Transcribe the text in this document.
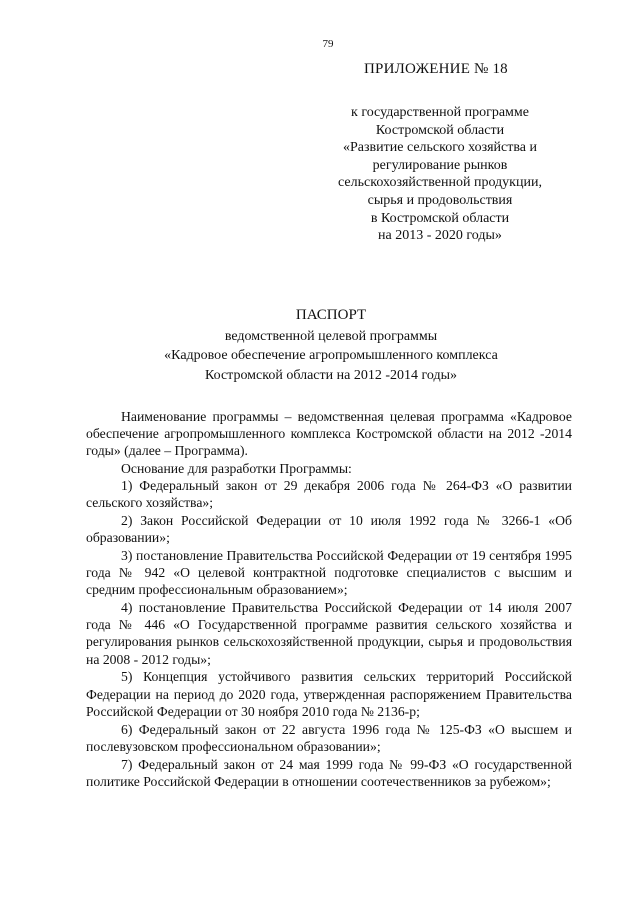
79
ПРИЛОЖЕНИЕ № 18
к государственной программе
Костромской области
«Развитие сельского хозяйства и
регулирование рынков
сельскохозяйственной продукции,
сырья и продовольствия
в Костромской области
на 2013 - 2020 годы»
ПАСПОРТ
ведомственной целевой программы
«Кадровое обеспечение агропромышленного комплекса
Костромской области на 2012 -2014 годы»

Наименование программы – ведомственная целевая программа «Кадровое обеспечение агропромышленного комплекса Костромской области на 2012 -2014 годы» (далее – Программа).

Основание для разработки Программы:

1) Федеральный закон от 29 декабря 2006 года № 264-ФЗ «О развитии сельского хозяйства»;

2) Закон Российской Федерации от 10 июля 1992 года № 3266-1 «Об образовании»;

3) постановление Правительства Российской Федерации от 19 сентября 1995 года № 942 «О целевой контрактной подготовке специалистов с высшим и средним профессиональным образованием»;

4) постановление Правительства Российской Федерации от 14 июля 2007 года № 446 «О Государственной программе развития сельского хозяйства и регулирования рынков сельскохозяйственной продукции, сырья и продовольствия на 2008 - 2012 годы»;

5) Концепция устойчивого развития сельских территорий Российской Федерации на период до 2020 года, утвержденная распоряжением Правительства Российской Федерации от 30 ноября 2010 года № 2136-р;

6) Федеральный закон от 22 августа 1996 года № 125-ФЗ «О высшем и послевузовском профессиональном образовании»;

7) Федеральный закон от 24 мая 1999 года № 99-ФЗ «О государственной политике Российской Федерации в отношении соотечественников за рубежом»;
